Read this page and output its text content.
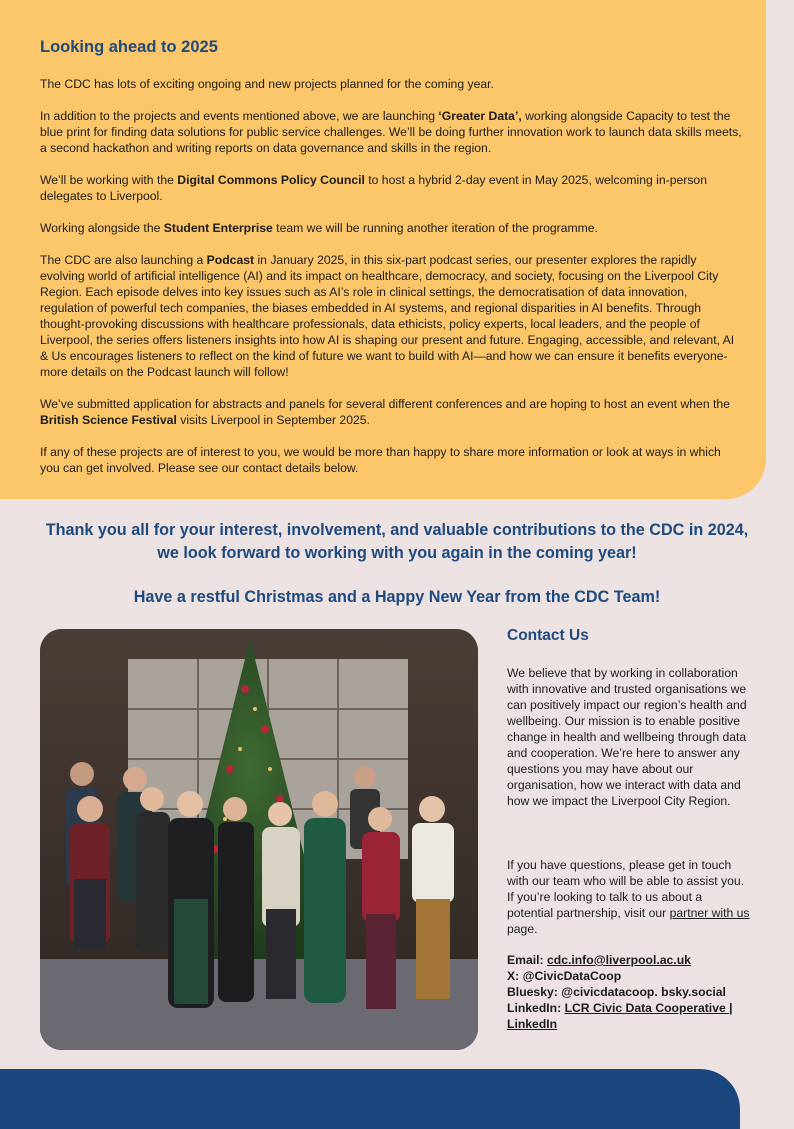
Looking ahead to 2025

The CDC has lots of exciting ongoing and new projects planned for the coming year.

In addition to the projects and events mentioned above, we are launching ‘Greater Data’, working alongside Capacity to test the blue print for finding data solutions for public service challenges. We’ll be doing further innovation work to launch data skills meets, a second hackathon and writing reports on data governance and skills in the region.

We’ll be working with the Digital Commons Policy Council to host a hybrid 2-day event in May 2025, welcoming in-person delegates to Liverpool.

Working alongside the Student Enterprise team we will be running another iteration of the programme.

The CDC are also launching a Podcast in January 2025, in this six-part podcast series, our presenter explores the rapidly evolving world of artificial intelligence (AI) and its impact on healthcare, democracy, and society, focusing on the Liverpool City Region. Each episode delves into key issues such as AI’s role in clinical settings, the democratisation of data innovation, regulation of powerful tech companies, the biases embedded in AI systems, and regional disparities in AI benefits. Through thought-provoking discussions with healthcare professionals, data ethicists, policy experts, local leaders, and the people of Liverpool, the series offers listeners insights into how AI is shaping our present and future. Engaging, accessible, and relevant, AI & Us encourages listeners to reflect on the kind of future we want to build with AI—and how we can ensure it benefits everyone- more details on the Podcast launch will follow!

We’ve submitted application for abstracts and panels for several different conferences and are hoping to host an event when the British Science Festival visits Liverpool in September 2025.

If any of these projects are of interest to you, we would be more than happy to share more information or look at ways in which you can get involved. Please see our contact details below.

Thank you all for your interest, involvement, and valuable contributions to the CDC in 2024, we look forward to working with you again in the coming year!

Have a restful Christmas and a Happy New Year from the CDC Team!

Contact Us

We believe that by working in collaboration with innovative and trusted organisations we can positively impact our region’s health and wellbeing. Our mission is to enable positive change in health and wellbeing through data and cooperation. We’re here to answer any questions you may have about our organisation, how we interact with data and how we impact the Liverpool City Region.

If you have questions, please get in touch with our team who will be able to assist you. If you’re looking to talk to us about a potential partnership, visit our partner with us page.

Email: cdc.info@liverpool.ac.uk
X: @CivicDataCoop
Bluesky: @civicdatacoop. bsky.social
LinkedIn: LCR Civic Data Cooperative |
LinkedIn
